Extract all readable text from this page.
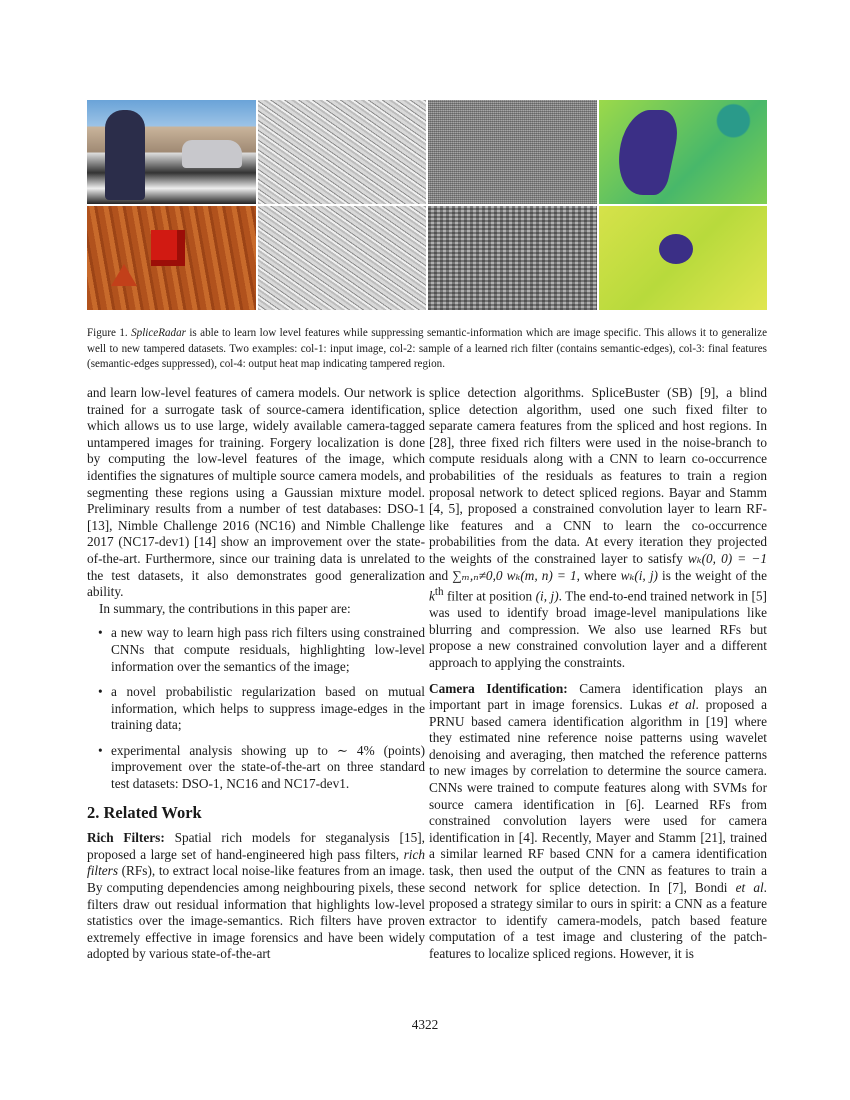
Figure 1. SpliceRadar is able to learn low level features while suppressing semantic-information which are image specific. This allows it to generalize well to new tampered datasets. Two examples: col-1: input image, col-2: sample of a learned rich filter (contains semantic-edges), col-3: final features (semantic-edges suppressed), col-4: output heat map indicating tampered region.

and learn low-level features of camera models. Our network is trained for a surrogate task of source-camera identification, which allows us to use large, widely available camera-tagged untampered images for training. Forgery localization is done by computing the low-level features of the image, which identifies the signatures of multiple source camera models, and segmenting these regions using a Gaussian mixture model. Preliminary results from a number of test databases: DSO-1 [13], Nimble Challenge 2016 (NC16) and Nimble Challenge 2017 (NC17-dev1) [14] show an improvement over the state-of-the-art. Furthermore, since our training data is unrelated to the test datasets, it also demonstrates good generalization ability.

In summary, the contributions in this paper are:

• a new way to learn high pass rich filters using constrained CNNs that compute residuals, highlighting low-level information over the semantics of the image;
• a novel probabilistic regularization based on mutual information, which helps to suppress image-edges in the training data;
• experimental analysis showing up to ∼ 4% (points) improvement over the state-of-the-art on three standard test datasets: DSO-1, NC16 and NC17-dev1.
2. Related Work

Rich Filters: Spatial rich models for steganalysis [15], proposed a large set of hand-engineered high pass filters, rich filters (RFs), to extract local noise-like features from an image. By computing dependencies among neighbouring pixels, these filters draw out residual information that highlights low-level statistics over the image-semantics. Rich filters have proven extremely effective in image forensics and have been widely adopted by various state-of-the-art

splice detection algorithms. SpliceBuster (SB) [9], a blind splice detection algorithm, used one such fixed filter to separate camera features from the spliced and host regions. In [28], three fixed rich filters were used in the noise-branch to compute residuals along with a CNN to learn co-occurrence probabilities of the residuals as features to train a region proposal network to detect spliced regions. Bayar and Stamm [4, 5], proposed a constrained convolution layer to learn RF-like features and a CNN to learn the co-occurrence probabilities from the data. At every iteration they projected the weights of the constrained layer to satisfy wₖ(0, 0) = −1 and ∑ₘ,ₙ≠0,0 wₖ(m, n) = 1, where wₖ(i, j) is the weight of the $k^{th}$ filter at position (i, j). The end-to-end trained network in [5] was used to identify broad image-level manipulations like blurring and compression. We also use learned RFs but propose a new constrained convolution layer and a different approach to applying the constraints.

Camera Identification: Camera identification plays an important part in image forensics. Lukas et al. proposed a PRNU based camera identification algorithm in [19] where they estimated nine reference noise patterns using wavelet denoising and averaging, then matched the reference patterns to new images by correlation to determine the source camera. CNNs were trained to compute features along with SVMs for source camera identification in [6]. Learned RFs from constrained convolution layers were used for camera identification in [4]. Recently, Mayer and Stamm [21], trained a similar learned RF based CNN for a camera identification task, then used the output of the CNN as features to train a second network for splice detection. In [7], Bondi et al. proposed a strategy similar to ours in spirit: a CNN as a feature extractor to identify camera-models, patch based feature computation of a test image and clustering of the patch-features to localize spliced regions. However, it is

4322
